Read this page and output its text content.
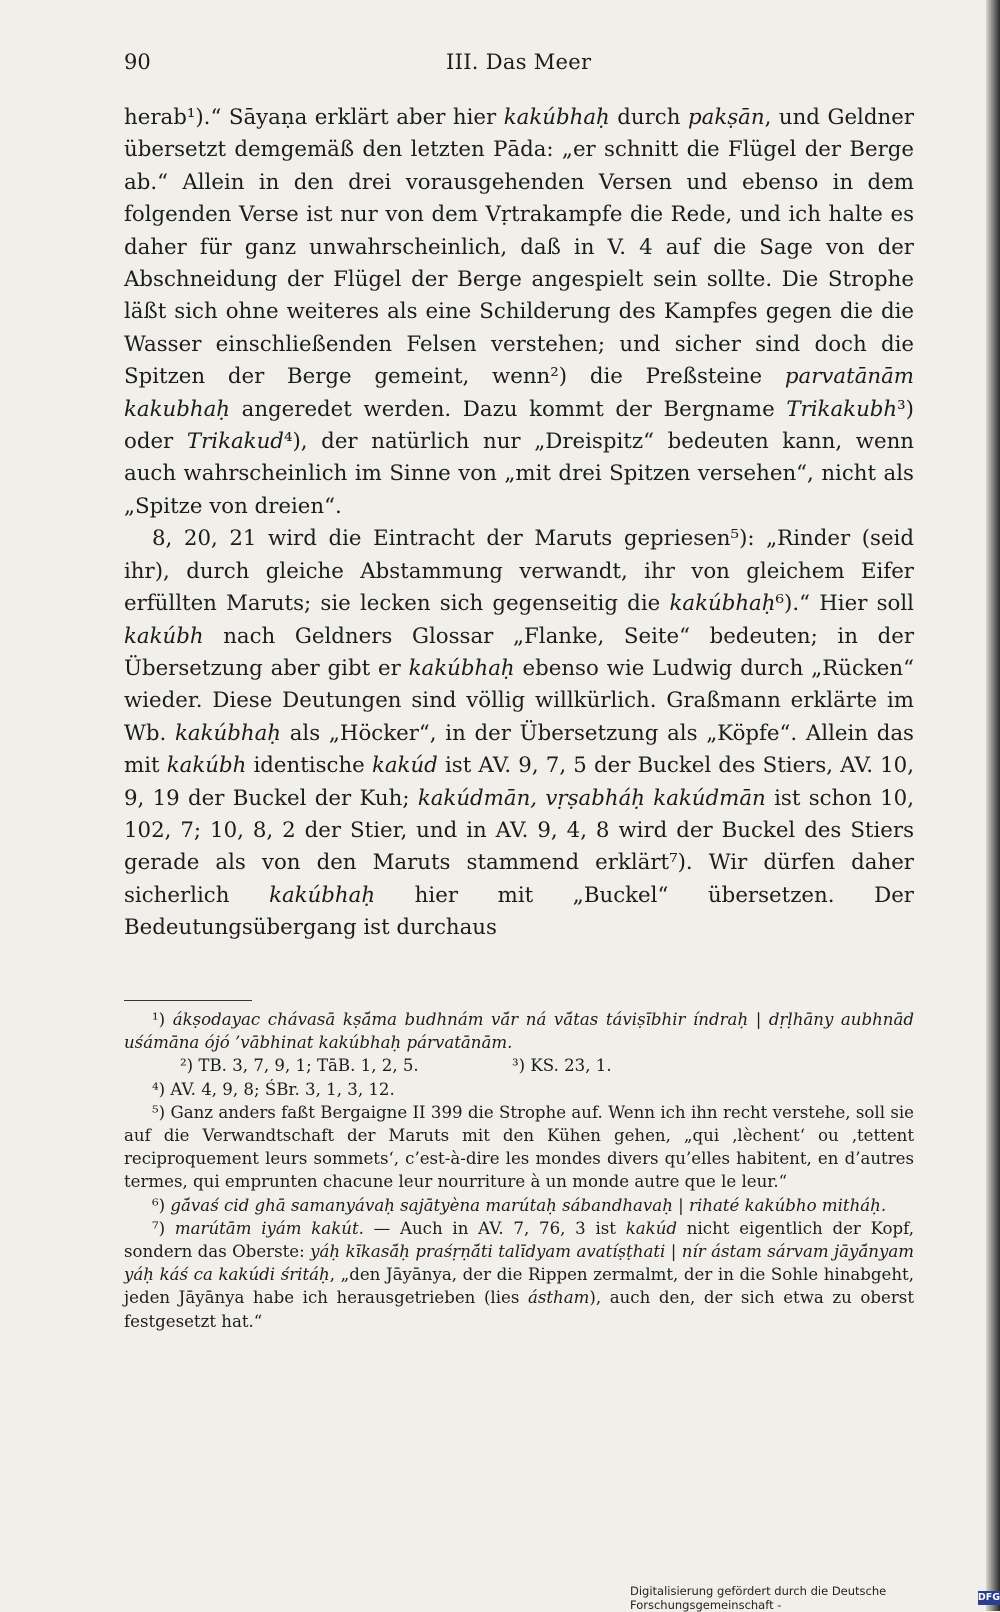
90	III. Das Meer

herab¹).“ Sāyaṇa erklärt aber hier kakúbhaḥ durch pakṣān, und Geldner übersetzt demgemäß den letzten Pāda: „er schnitt die Flügel der Berge ab.“ Allein in den drei vorausgehenden Versen und ebenso in dem folgenden Verse ist nur von dem Vṛtrakampfe die Rede, und ich halte es daher für ganz unwahrscheinlich, daß in V. 4 auf die Sage von der Abschneidung der Flügel der Berge angespielt sein sollte. Die Strophe läßt sich ohne weiteres als eine Schilderung des Kampfes gegen die die Wasser einschließenden Felsen verstehen; und sicher sind doch die Spitzen der Berge gemeint, wenn²) die Preßsteine parvatānām kakubhaḥ angeredet werden. Dazu kommt der Bergname Trikakubh³) oder Trikakud⁴), der natürlich nur „Dreispitz“ bedeuten kann, wenn auch wahrscheinlich im Sinne von „mit drei Spitzen versehen“, nicht als „Spitze von dreien“.

8, 20, 21 wird die Eintracht der Maruts gepriesen⁵): „Rinder (seid ihr), durch gleiche Abstammung verwandt, ihr von gleichem Eifer erfüllten Maruts; sie lecken sich gegenseitig die kakúbhaḥ⁶).“ Hier soll kakúbh nach Geldners Glossar „Flanke, Seite“ bedeuten; in der Übersetzung aber gibt er kakúbhaḥ ebenso wie Ludwig durch „Rücken“ wieder. Diese Deutungen sind völlig willkürlich. Graßmann erklärte im Wb. kakúbhaḥ als „Höcker“, in der Übersetzung als „Köpfe“. Allein das mit kakúbh identische kakúd ist AV. 9, 7, 5 der Buckel des Stiers, AV. 10, 9, 19 der Buckel der Kuh; kakúdmān, vṛṣabháḥ kakúdmān ist schon 10, 102, 7; 10, 8, 2 der Stier, und in AV. 9, 4, 8 wird der Buckel des Stiers gerade als von den Maruts stammend erklärt⁷). Wir dürfen daher sicherlich kakúbhaḥ hier mit „Buckel“ übersetzen. Der Bedeutungsübergang ist durchaus

¹) ákṣodayac chávasā kṣā́ma budhnám vā́r ná vā́tas táviṣībhir índraḥ | dṛḷhāny aubhnād uśámāna ójó ’vābhinat kakúbhaḥ párvatānām.

²) TB. 3, 7, 9, 1; TāB. 1, 2, 5.	³) KS. 23, 1.

⁴) AV. 4, 9, 8; ŚBr. 3, 1, 3, 12.

⁵) Ganz anders faßt Bergaigne II 399 die Strophe auf. Wenn ich ihn recht verstehe, soll sie auf die Verwandtschaft der Maruts mit den Kühen gehen, „qui ‚lèchent‘ ou ‚tettent reciproquement leurs sommets‘, c’est-à-dire les mondes divers qu’elles habitent, en d’autres termes, qui emprunten chacune leur nourriture à un monde autre que le leur.“

⁶) gā́vaś cid ghā samanyávaḥ sajātyèna marútaḥ sábandhavaḥ | rihaté kakúbho mitháḥ.

⁷) marútām iyám kakút. — Auch in AV. 7, 76, 3 ist kakúd nicht eigentlich der Kopf, sondern das Oberste: yáḥ kīkasā́ḥ praśṛṇā́ti talīdyam avatíṣṭhati | nír ástam sárvam jāyā́nyam yáḥ káś ca kakúdi śritáḥ, „den Jāyānya, der die Rippen zermalmt, der in die Sohle hinabgeht, jeden Jāyānya habe ich herausgetrieben (lies ástham), auch den, der sich etwa zu oberst festgesetzt hat.“

Digitalisierung gefördert durch die Deutsche Forschungsgemeinschaft -
DFG
